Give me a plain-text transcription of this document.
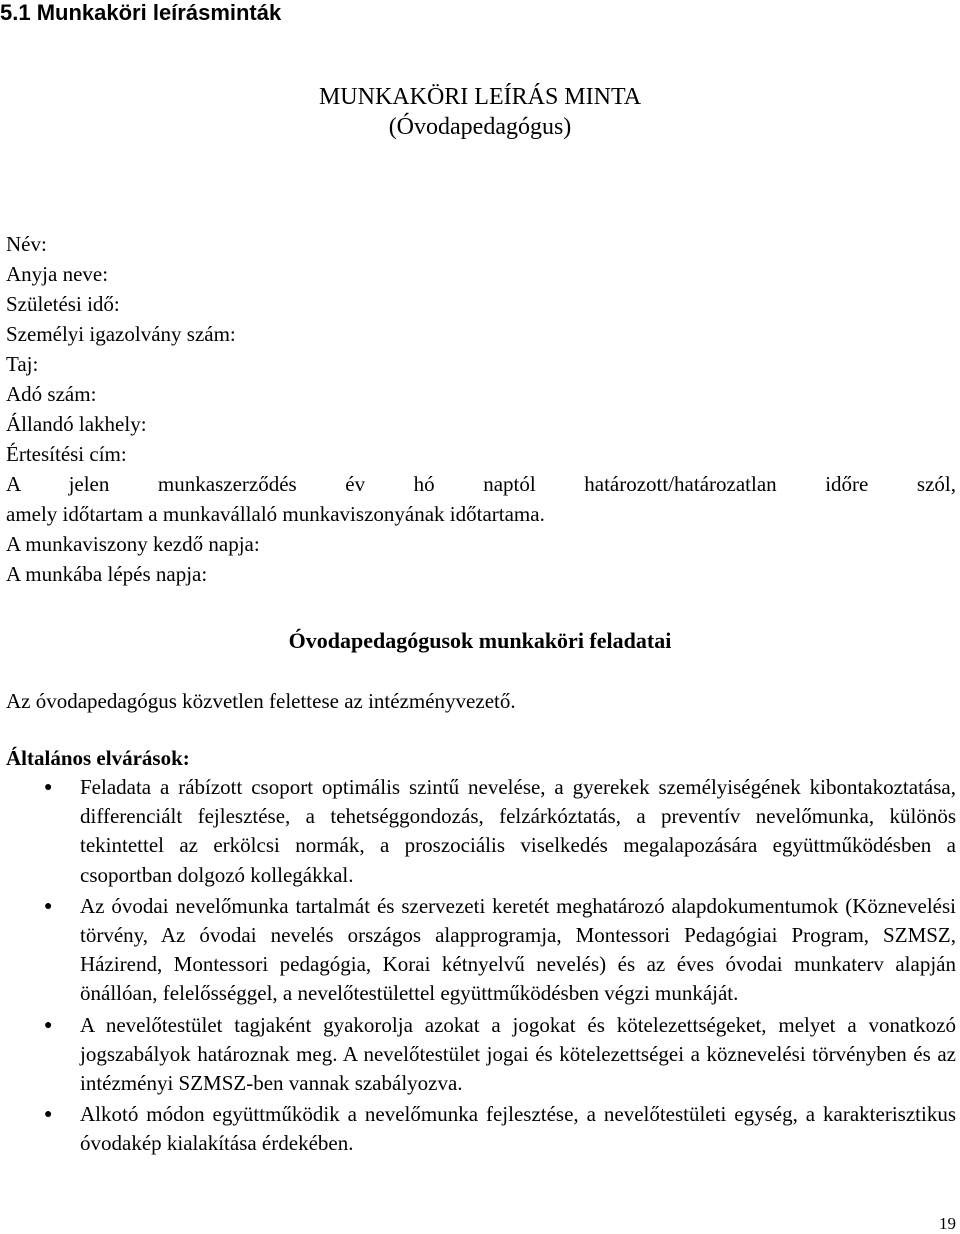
5.1 Munkaköri leírásminták
MUNKAKÖRI LEÍRÁS MINTA
(Óvodapedagógus)
Név:
Anyja neve:
Születési idő:
Személyi igazolvány szám:
Taj:
Adó szám:
Állandó lakhely:
Értesítési cím:
A jelen munkaszerződés év hó naptól határozott/határozatlan időre szól,
amely időtartam a munkavállaló munkaviszonyának időtartama.
A munkaviszony kezdő napja:
A munkába lépés napja:
Óvodapedagógusok munkaköri feladatai
Az óvodapedagógus közvetlen felettese az intézményvezető.
Általános elvárások:
● Feladata a rábízott csoport optimális szintű nevelése, a gyerekek személyiségének kibontakoztatása, differenciált fejlesztése, a tehetséggondozás, felzárkóztatás, a preventív nevelőmunka, különös tekintettel az erkölcsi normák, a proszociális viselkedés megalapozására együttműködésben a csoportban dolgozó kollegákkal.
● Az óvodai nevelőmunka tartalmát és szervezeti keretét meghatározó alapdokumentumok (Köznevelési törvény, Az óvodai nevelés országos alapprogramja, Montessori Pedagógiai Program, SZMSZ, Házirend, Montessori pedagógia, Korai kétnyelvű nevelés) és az éves óvodai munkaterv alapján önállóan, felelősséggel, a nevelőtestülettel együttműködésben végzi munkáját.
● A nevelőtestület tagjaként gyakorolja azokat a jogokat és kötelezettségeket, melyet a vonatkozó jogszabályok határoznak meg. A nevelőtestület jogai és kötelezettségei a köznevelési törvényben és az intézményi SZMSZ-ben vannak szabályozva.
● Alkotó módon együttműködik a nevelőmunka fejlesztése, a nevelőtestületi egység, a karakterisztikus óvodakép kialakítása érdekében.
19
